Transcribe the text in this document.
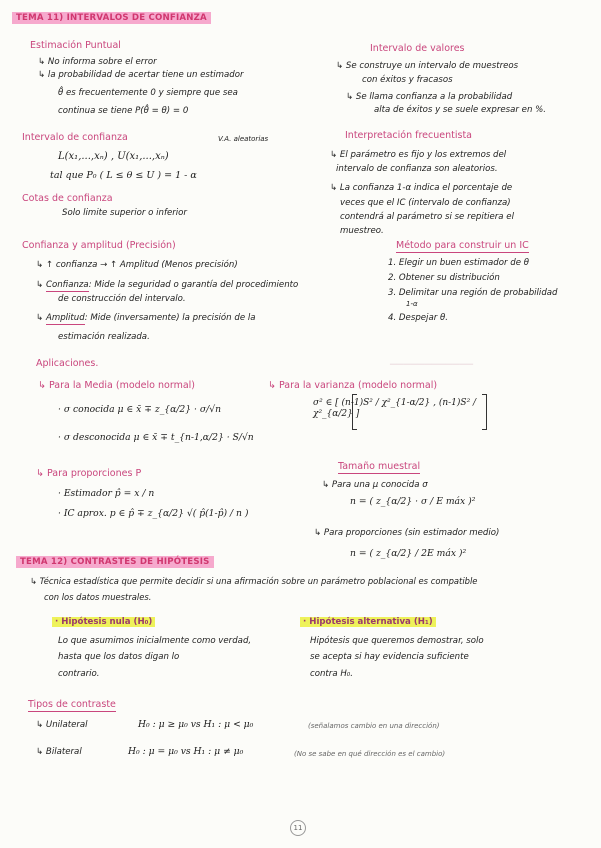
▔▔▔▔▔▔▔▔▔▔▔▔
TEMA 11) INTERVALOS DE CONFIANZA
Estimación Puntual
↳ No informa sobre el error
↳ la probabilidad de acertar tiene un estimador
θ̂ es frecuentemente 0 y siempre que sea
continua se tiene P(θ̂ = θ) = 0
Intervalo de confianza	V.A. aleatorias
L(x₁,...,xₙ) , U(x₁,...,xₙ)
tal que P₀ ( L ≤ θ ≤ U ) = 1 - α
Cotas de confianza
Solo limite superior o inferior
Confianza y amplitud (Precisión)
↳ ↑ confianza → ↑ Amplitud (Menos precisión)
↳ Confianza: Mide la seguridad o garantía del procedimiento
de construcción del intervalo.
↳ Amplitud: Mide (inversamente) la precisión de la
estimación realizada.
Intervalo de valores
↳ Se construye un intervalo de muestreos
con éxitos y fracasos
↳ Se llama confianza a la probabilidad
alta de éxitos y se suele expresar en %.
Interpretación frecuentista
↳ El parámetro es fijo y los extremos del
intervalo de confianza son aleatorios.
↳ La confianza 1-α indica el porcentaje de
veces que el IC (intervalo de confianza)
contendrá al parámetro si se repitiera el
muestreo.
Método para construir un IC
1. Elegir un buen estimador de θ
2. Obtener su distribución
3. Delimitar una región de probabilidad
1-α
4. Despejar θ.
Aplicaciones.
↳ Para la Media (modelo normal)
· σ conocida μ ∈ x̄ ∓ z_{α/2} · σ/√n
· σ desconocida μ ∈ x̄ ∓ t_{n-1,α/2} · S/√n
↳ Para la varianza (modelo normal)
σ² ∈ [ (n-1)S² / χ²_{1-α/2} , (n-1)S² / χ²_{α/2} ]
↳ Para proporciones P
· Estimador p̂ = x / n
· IC aprox. p ∈ p̂ ∓ z_{α/2} √( p̂(1-p̂) / n )
Tamaño muestral
↳ Para una μ conocida σ
n = ( z_{α/2} · σ / E máx )²
↳ Para proporciones (sin estimador medio)
n = ( z_{α/2} / 2E máx )²
TEMA 12) CONTRASTES DE HIPÓTESIS
↳ Técnica estadística que permite decidir si una afirmación sobre un parámetro poblacional es compatible
con los datos muestrales.
· Hipótesis nula (H₀)
Lo que asumimos inicialmente como verdad,
hasta que los datos digan lo
contrario.
· Hipótesis alternativa (H₁)
Hipótesis que queremos demostrar, solo
se acepta si hay evidencia suficiente
contra H₀.
Tipos de contraste
↳ Unilateral	H₀ : μ ≥ μ₀ vs H₁ : μ < μ₀	(señalamos cambio en una dirección)
↳ Bilateral	H₀ : μ = μ₀ vs H₁ : μ ≠ μ₀	(No se sabe en qué dirección es el cambio)
11
